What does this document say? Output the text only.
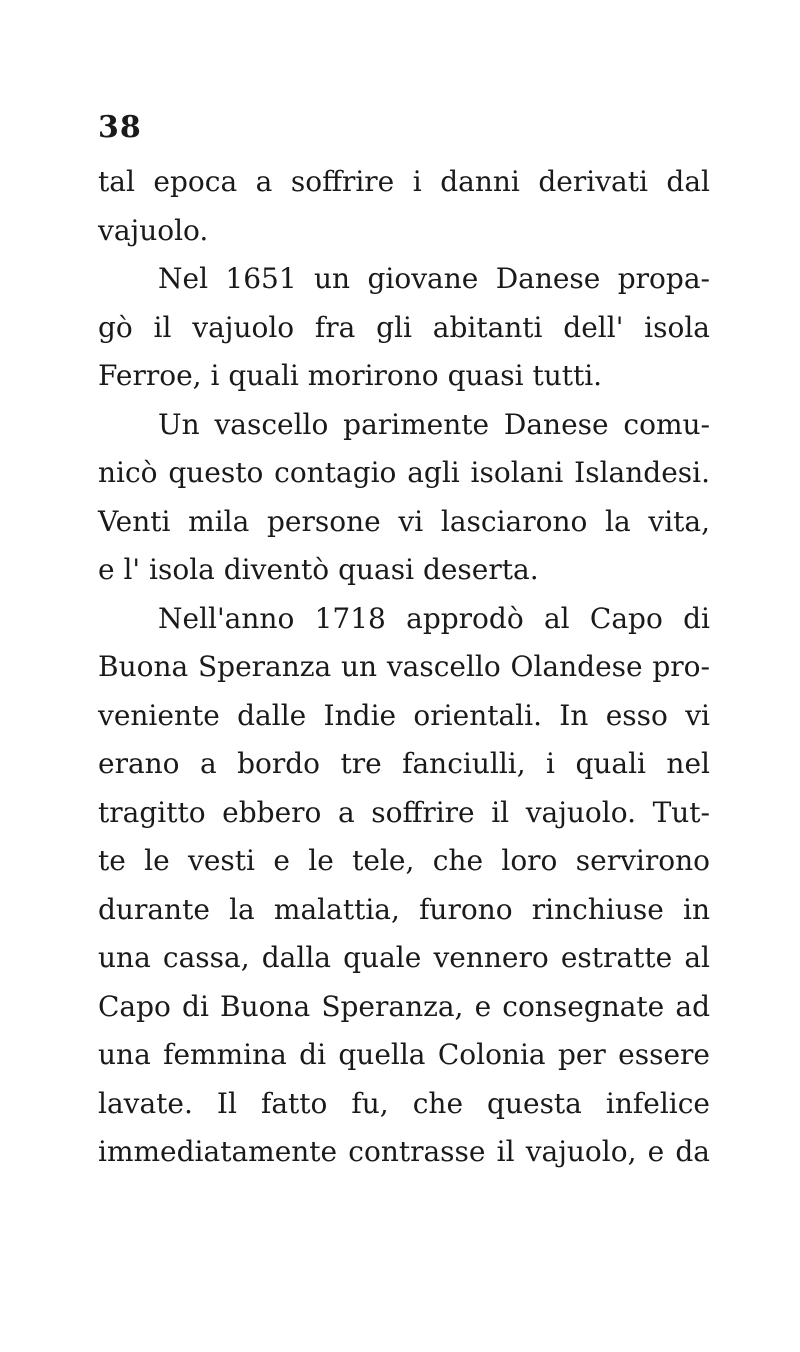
38
tal epoca a soffrire i danni derivati dal
vajuolo.
Nel 1651 un giovane Danese propa-
gò il vajuolo fra gli abitanti dell' isola
Ferroe, i quali morirono quasi tutti.
Un vascello parimente Danese comu-
nicò questo contagio agli isolani Islandesi.
Venti mila persone vi lasciarono la vita,
e l' isola diventò quasi deserta.
Nell'anno 1718 approdò al Capo di
Buona Speranza un vascello Olandese pro-
veniente dalle Indie orientali. In esso vi
erano a bordo tre fanciulli, i quali nel
tragitto ebbero a soffrire il vajuolo. Tut-
te le vesti e le tele, che loro servirono
durante la malattia, furono rinchiuse in
una cassa, dalla quale vennero estratte al
Capo di Buona Speranza, e consegnate ad
una femmina di quella Colonia per essere
lavate. Il fatto fu, che questa infelice
immediatamente contrasse il vajuolo, e da
